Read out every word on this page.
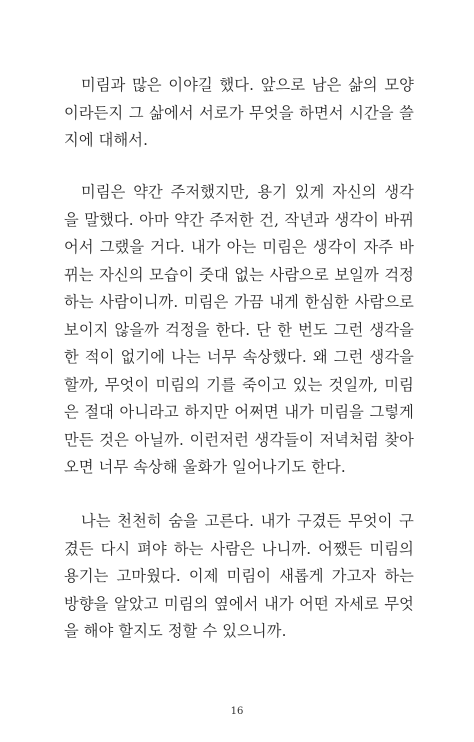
미림과 많은 이야길 했다. 앞으로 남은 삶의 모양
이라든지 그 삶에서 서로가 무엇을 하면서 시간을 쓸
지에 대해서.

미림은 약간 주저했지만, 용기 있게 자신의 생각
을 말했다. 아마 약간 주저한 건, 작년과 생각이 바뀌
어서 그랬을 거다. 내가 아는 미림은 생각이 자주 바
뀌는 자신의 모습이 줏대 없는 사람으로 보일까 걱정
하는 사람이니까. 미림은 가끔 내게 한심한 사람으로
보이지 않을까 걱정을 한다. 단 한 번도 그런 생각을
한 적이 없기에 나는 너무 속상했다. 왜 그런 생각을
할까, 무엇이 미림의 기를 죽이고 있는 것일까, 미림
은 절대 아니라고 하지만 어쩌면 내가 미림을 그렇게
만든 것은 아닐까. 이런저런 생각들이 저녁처럼 찾아
오면 너무 속상해 울화가 일어나기도 한다.

나는 천천히 숨을 고른다. 내가 구겼든 무엇이 구
겼든 다시 펴야 하는 사람은 나니까. 어쨌든 미림의
용기는 고마웠다. 이제 미림이 새롭게 가고자 하는
방향을 알았고 미림의 옆에서 내가 어떤 자세로 무엇
을 해야 할지도 정할 수 있으니까.

16
